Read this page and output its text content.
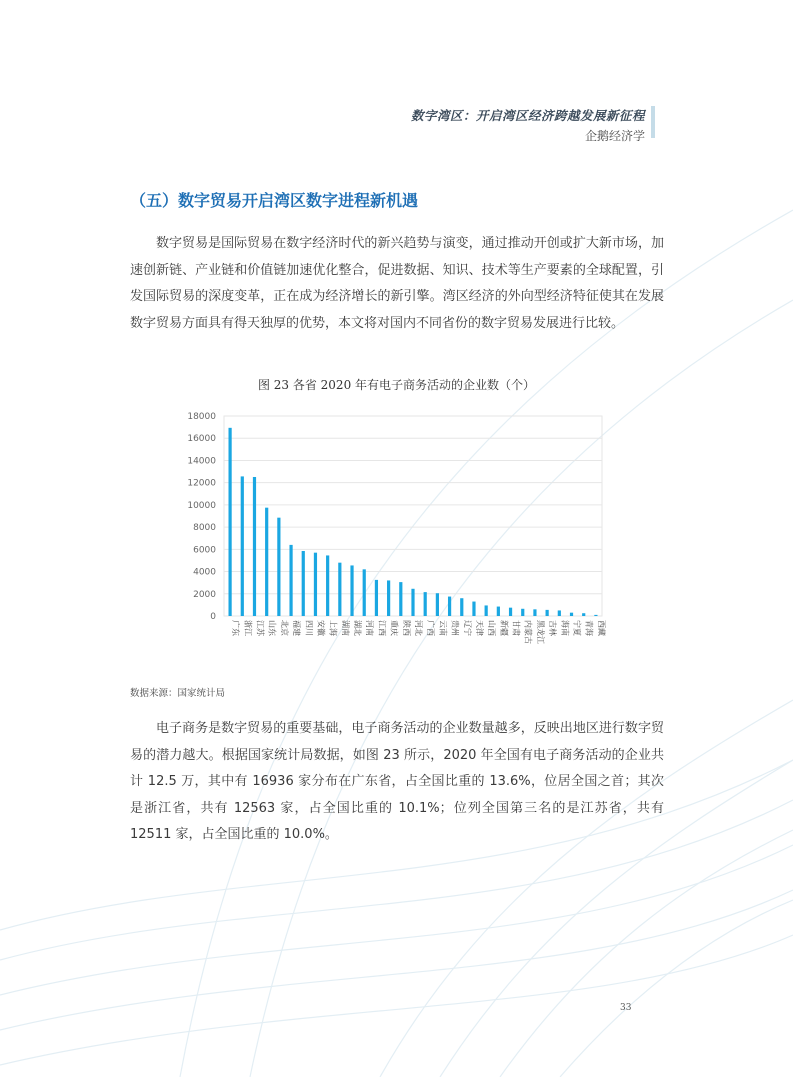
数字湾区：开启湾区经济跨越发展新征程
企鹅经济学
（五）数字贸易开启湾区数字进程新机遇

数字贸易是国际贸易在数字经济时代的新兴趋势与演变，通过推动开创或扩大新市场，加速创新链、产业链和价值链加速优化整合，促进数据、知识、技术等生产要素的全球配置，引发国际贸易的深度变革，正在成为经济增长的新引擎。湾区经济的外向型经济特征使其在发展数字贸易方面具有得天独厚的优势，本文将对国内不同省份的数字贸易发展进行比较。

图 23 各省 2020 年有电子商务活动的企业数（个）
0
2000
4000
6000
8000
10000
12000
14000
16000
18000
广东 浙江 江苏 山东 北京 福建 四川 安徽 上海 湖南 湖北 河南 江西 重庆 陕西 河北 广西 云南 贵州 辽宁 天津 山西 新疆 甘肃 内蒙古 黑龙江 吉林 海南 宁夏 青海 西藏
数据来源：国家统计局

电子商务是数字贸易的重要基础，电子商务活动的企业数量越多，反映出地区进行数字贸易的潜力越大。根据国家统计局数据，如图 23 所示，2020 年全国有电子商务活动的企业共计 12.5 万，其中有 16936 家分布在广东省，占全国比重的 13.6%，位居全国之首；其次是浙江省，共有 12563 家，占全国比重的 10.1%；位列全国第三名的是江苏省，共有 12511 家，占全国比重的 10.0%。

33
